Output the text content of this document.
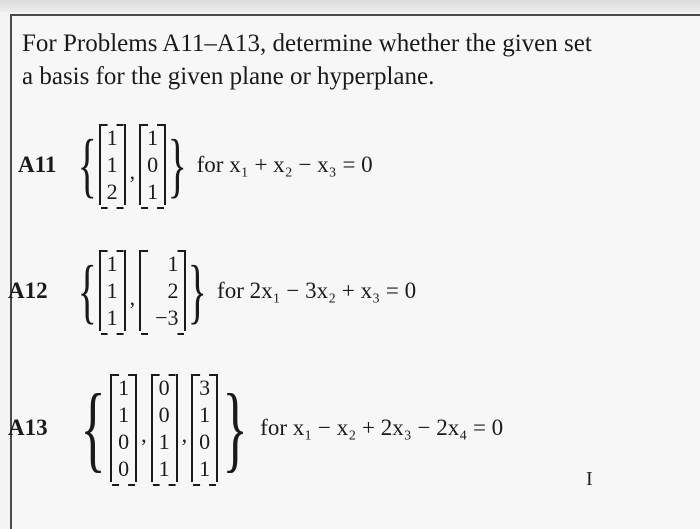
For Problems A11–A13, determine whether the given set
a basis for the given plane or hyperplane.
A11 { 1
1
2
,
1
0
1 } for x₁ + x₂ − x₃ = 0
A12 { 1
1
1
,
1
2
−3 } for 2x₁ − 3x₂ + x₃ = 0
A13 { 1
1
0
0
,
0
0
1
1
,
3
1
0
1 } for x₁ − x₂ + 2x₃ − 2x₄ = 0
I
